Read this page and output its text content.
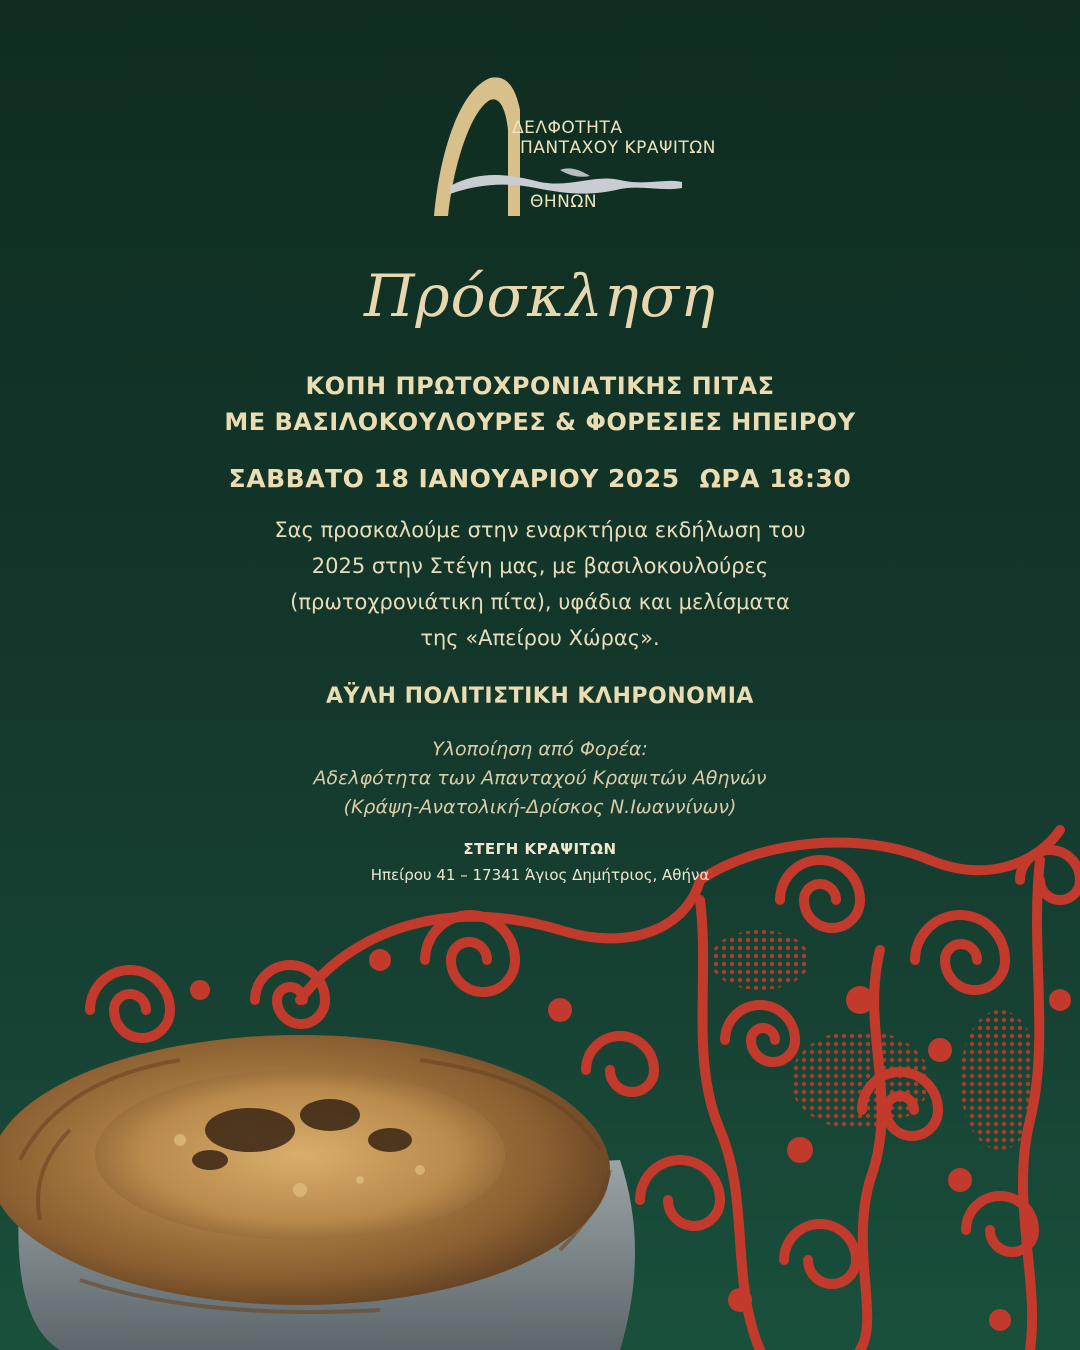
ΔΕΛΦΟΤΗΤΑ
ΠΑΝΤΑΧΟΥ ΚΡΑΨΙΤΩΝ
ΘΗΝΩΝ
Πρόσκληση
ΚΟΠΗ ΠΡΩΤΟΧΡΟΝΙΑΤΙΚΗΣ ΠΙΤΑΣ
ΜΕ ΒΑΣΙΛΟΚΟΥΛΟΥΡΕΣ & ΦΟΡΕΣΙΕΣ ΗΠΕΙΡΟΥ
ΣΑΒΒΑΤΟ 18 ΙΑΝΟΥΑΡΙΟΥ 2025 ΩΡΑ 18:30
Σας προσκαλούμε στην εναρκτήρια εκδήλωση του
2025 στην Στέγη μας, με βασιλοκουλούρες
(πρωτοχρονιάτικη πίτα), υφάδια και μελίσματα
της «Απείρου Χώρας».
ΑΫΛΗ ΠΟΛΙΤΙΣΤΙΚΗ ΚΛΗΡΟΝΟΜΙΑ
Υλοποίηση από Φορέα:
Αδελφότητα των Απανταχού Κραψιτών Αθηνών
(Κράψη-Ανατολική-Δρίσκος Ν.Ιωαννίνων)
ΣΤΕΓΗ ΚΡΑΨΙΤΩΝ
Ηπείρου 41 – 17341 Άγιος Δημήτριος, Αθήνα
